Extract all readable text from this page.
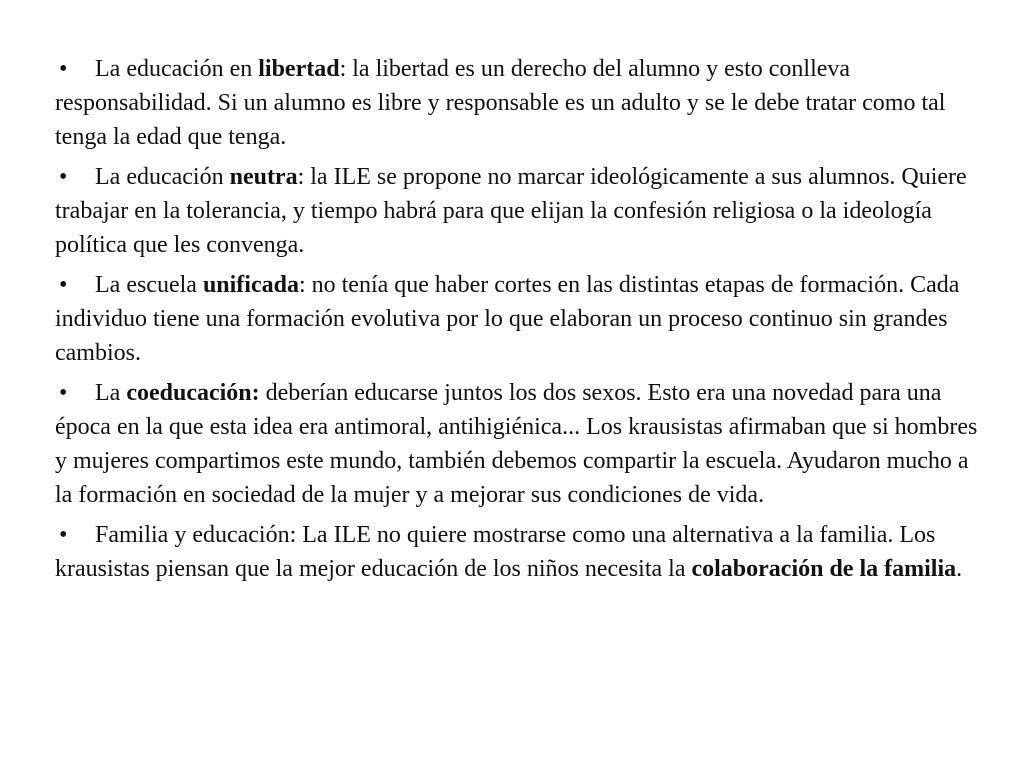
• La educación en libertad: la libertad es un derecho del alumno y esto conlleva responsabilidad. Si un alumno es libre y responsable es un adulto y se le debe tratar como tal tenga la edad que tenga.
• La educación neutra: la ILE se propone no marcar ideológicamente a sus alumnos. Quiere trabajar en la tolerancia, y tiempo habrá para que elijan la confesión religiosa o la ideología política que les convenga.
• La escuela unificada: no tenía que haber cortes en las distintas etapas de formación. Cada individuo tiene una formación evolutiva por lo que elaboran un proceso continuo sin grandes cambios.
• La coeducación: deberían educarse juntos los dos sexos. Esto era una novedad para una época en la que esta idea era antimoral, antihigiénica... Los krausistas afirmaban que si hombres y mujeres compartimos este mundo, también debemos compartir la escuela. Ayudaron mucho a la formación en sociedad de la mujer y a mejorar sus condiciones de vida.
• Familia y educación: La ILE no quiere mostrarse como una alternativa a la familia. Los krausistas piensan que la mejor educación de los niños necesita la colaboración de la familia.
